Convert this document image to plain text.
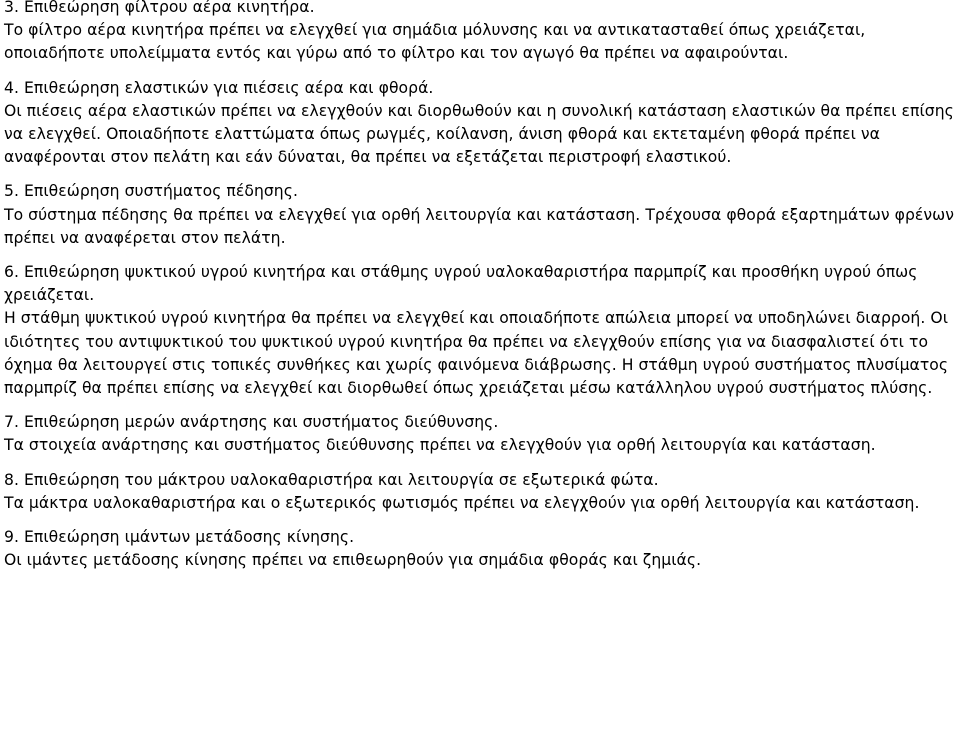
3. Επιθεώρηση φίλτρου αέρα κινητήρα.

Το φίλτρο αέρα κινητήρα πρέπει να ελεγχθεί για σημάδια μόλυνσης και να αντικατασταθεί όπως χρειάζεται, οποιαδήποτε υπολείμματα εντός και γύρω από το φίλτρο και τον αγωγό θα πρέπει να αφαιρούνται.

4. Επιθεώρηση ελαστικών για πιέσεις αέρα και φθορά.

Οι πιέσεις αέρα ελαστικών πρέπει να ελεγχθούν και διορθωθούν και η συνολική κατάσταση ελαστικών θα πρέπει επίσης να ελεγχθεί. Οποιαδήποτε ελαττώματα όπως ρωγμές, κοίλανση, άνιση φθορά και εκτεταμένη φθορά πρέπει να αναφέρονται στον πελάτη και εάν δύναται, θα πρέπει να εξετάζεται περιστροφή ελαστικού.

5. Επιθεώρηση συστήματος πέδησης.

Το σύστημα πέδησης θα πρέπει να ελεγχθεί για ορθή λειτουργία και κατάσταση. Τρέχουσα φθορά εξαρτημάτων φρένων πρέπει να αναφέρεται στον πελάτη.

6. Επιθεώρηση ψυκτικού υγρού κινητήρα και στάθμης υγρού υαλοκαθαριστήρα παρμπρίζ και προσθήκη υγρού όπως χρειάζεται.

Η στάθμη ψυκτικού υγρού κινητήρα θα πρέπει να ελεγχθεί και οποιαδήποτε απώλεια μπορεί να υποδηλώνει διαρροή. Οι ιδιότητες του αντιψυκτικού του ψυκτικού υγρού κινητήρα θα πρέπει να ελεγχθούν επίσης για να διασφαλιστεί ότι το όχημα θα λειτουργεί στις τοπικές συνθήκες και χωρίς φαινόμενα διάβρωσης. Η στάθμη υγρού συστήματος πλυσίματος παρμπρίζ θα πρέπει επίσης να ελεγχθεί και διορθωθεί όπως χρειάζεται μέσω κατάλληλου υγρού συστήματος πλύσης.

7. Επιθεώρηση μερών ανάρτησης και συστήματος διεύθυνσης.

Τα στοιχεία ανάρτησης και συστήματος διεύθυνσης πρέπει να ελεγχθούν για ορθή λειτουργία και κατάσταση.

8. Επιθεώρηση του μάκτρου υαλοκαθαριστήρα και λειτουργία σε εξωτερικά φώτα.

Τα μάκτρα υαλοκαθαριστήρα και ο εξωτερικός φωτισμός πρέπει να ελεγχθούν για ορθή λειτουργία και κατάσταση.

9. Επιθεώρηση ιμάντων μετάδοσης κίνησης.

Οι ιμάντες μετάδοσης κίνησης πρέπει να επιθεωρηθούν για σημάδια φθοράς και ζημιάς.
